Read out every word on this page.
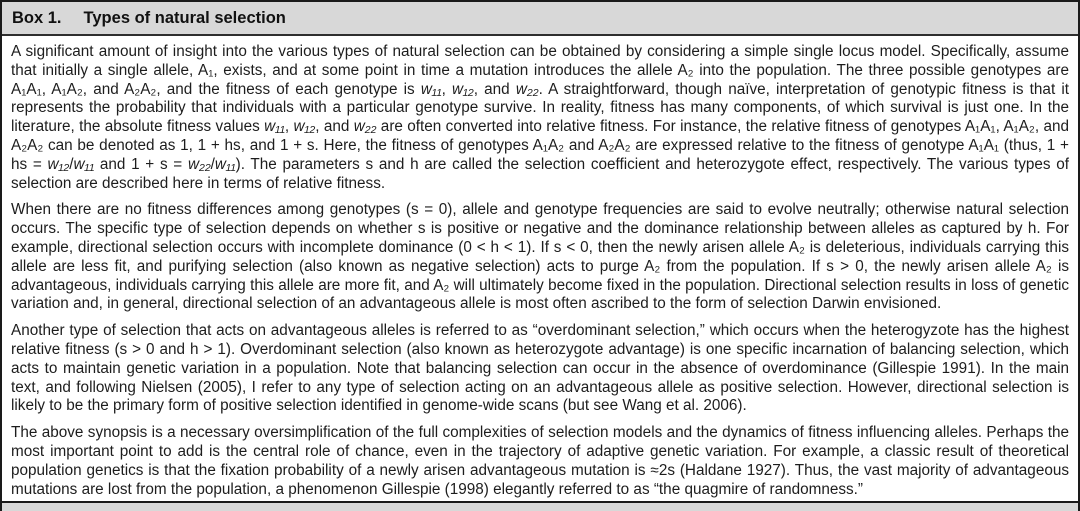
Box 1. Types of natural selection

A significant amount of insight into the various types of natural selection can be obtained by considering a simple single locus model. Specifically, assume that initially a single allele, A₁, exists, and at some point in time a mutation introduces the allele A₂ into the population. The three possible genotypes are A₁A₁, A₁A₂, and A₂A₂, and the fitness of each genotype is w₁₁, w₁₂, and w₂₂. A straightforward, though naïve, interpretation of genotypic fitness is that it represents the probability that individuals with a particular genotype survive. In reality, fitness has many components, of which survival is just one. In the literature, the absolute fitness values w₁₁, w₁₂, and w₂₂ are often converted into relative fitness. For instance, the relative fitness of genotypes A₁A₁, A₁A₂, and A₂A₂ can be denoted as 1, 1 + hs, and 1 + s. Here, the fitness of genotypes A₁A₂ and A₂A₂ are expressed relative to the fitness of genotype A₁A₁ (thus, 1 + hs = w₁₂/w₁₁ and 1 + s = w₂₂/w₁₁). The parameters s and h are called the selection coefficient and heterozygote effect, respectively. The various types of selection are described here in terms of relative fitness.

When there are no fitness differences among genotypes (s = 0), allele and genotype frequencies are said to evolve neutrally; otherwise natural selection occurs. The specific type of selection depends on whether s is positive or negative and the dominance relationship between alleles as captured by h. For example, directional selection occurs with incomplete dominance (0 < h < 1). If s < 0, then the newly arisen allele A₂ is deleterious, individuals carrying this allele are less fit, and purifying selection (also known as negative selection) acts to purge A₂ from the population. If s > 0, the newly arisen allele A₂ is advantageous, individuals carrying this allele are more fit, and A₂ will ultimately become fixed in the population. Directional selection results in loss of genetic variation and, in general, directional selection of an advantageous allele is most often ascribed to the form of selection Darwin envisioned.

Another type of selection that acts on advantageous alleles is referred to as “overdominant selection,” which occurs when the heterogyzote has the highest relative fitness (s > 0 and h > 1). Overdominant selection (also known as heterozygote advantage) is one specific incarnation of balancing selection, which acts to maintain genetic variation in a population. Note that balancing selection can occur in the absence of overdominance (Gillespie 1991). In the main text, and following Nielsen (2005), I refer to any type of selection acting on an advantageous allele as positive selection. However, directional selection is likely to be the primary form of positive selection identified in genome-wide scans (but see Wang et al. 2006).

The above synopsis is a necessary oversimplification of the full complexities of selection models and the dynamics of fitness influencing alleles. Perhaps the most important point to add is the central role of chance, even in the trajectory of adaptive genetic variation. For example, a classic result of theoretical population genetics is that the fixation probability of a newly arisen advantageous mutation is ≈2s (Haldane 1927). Thus, the vast majority of advantageous mutations are lost from the population, a phenomenon Gillespie (1998) elegantly referred to as “the quagmire of randomness.”
